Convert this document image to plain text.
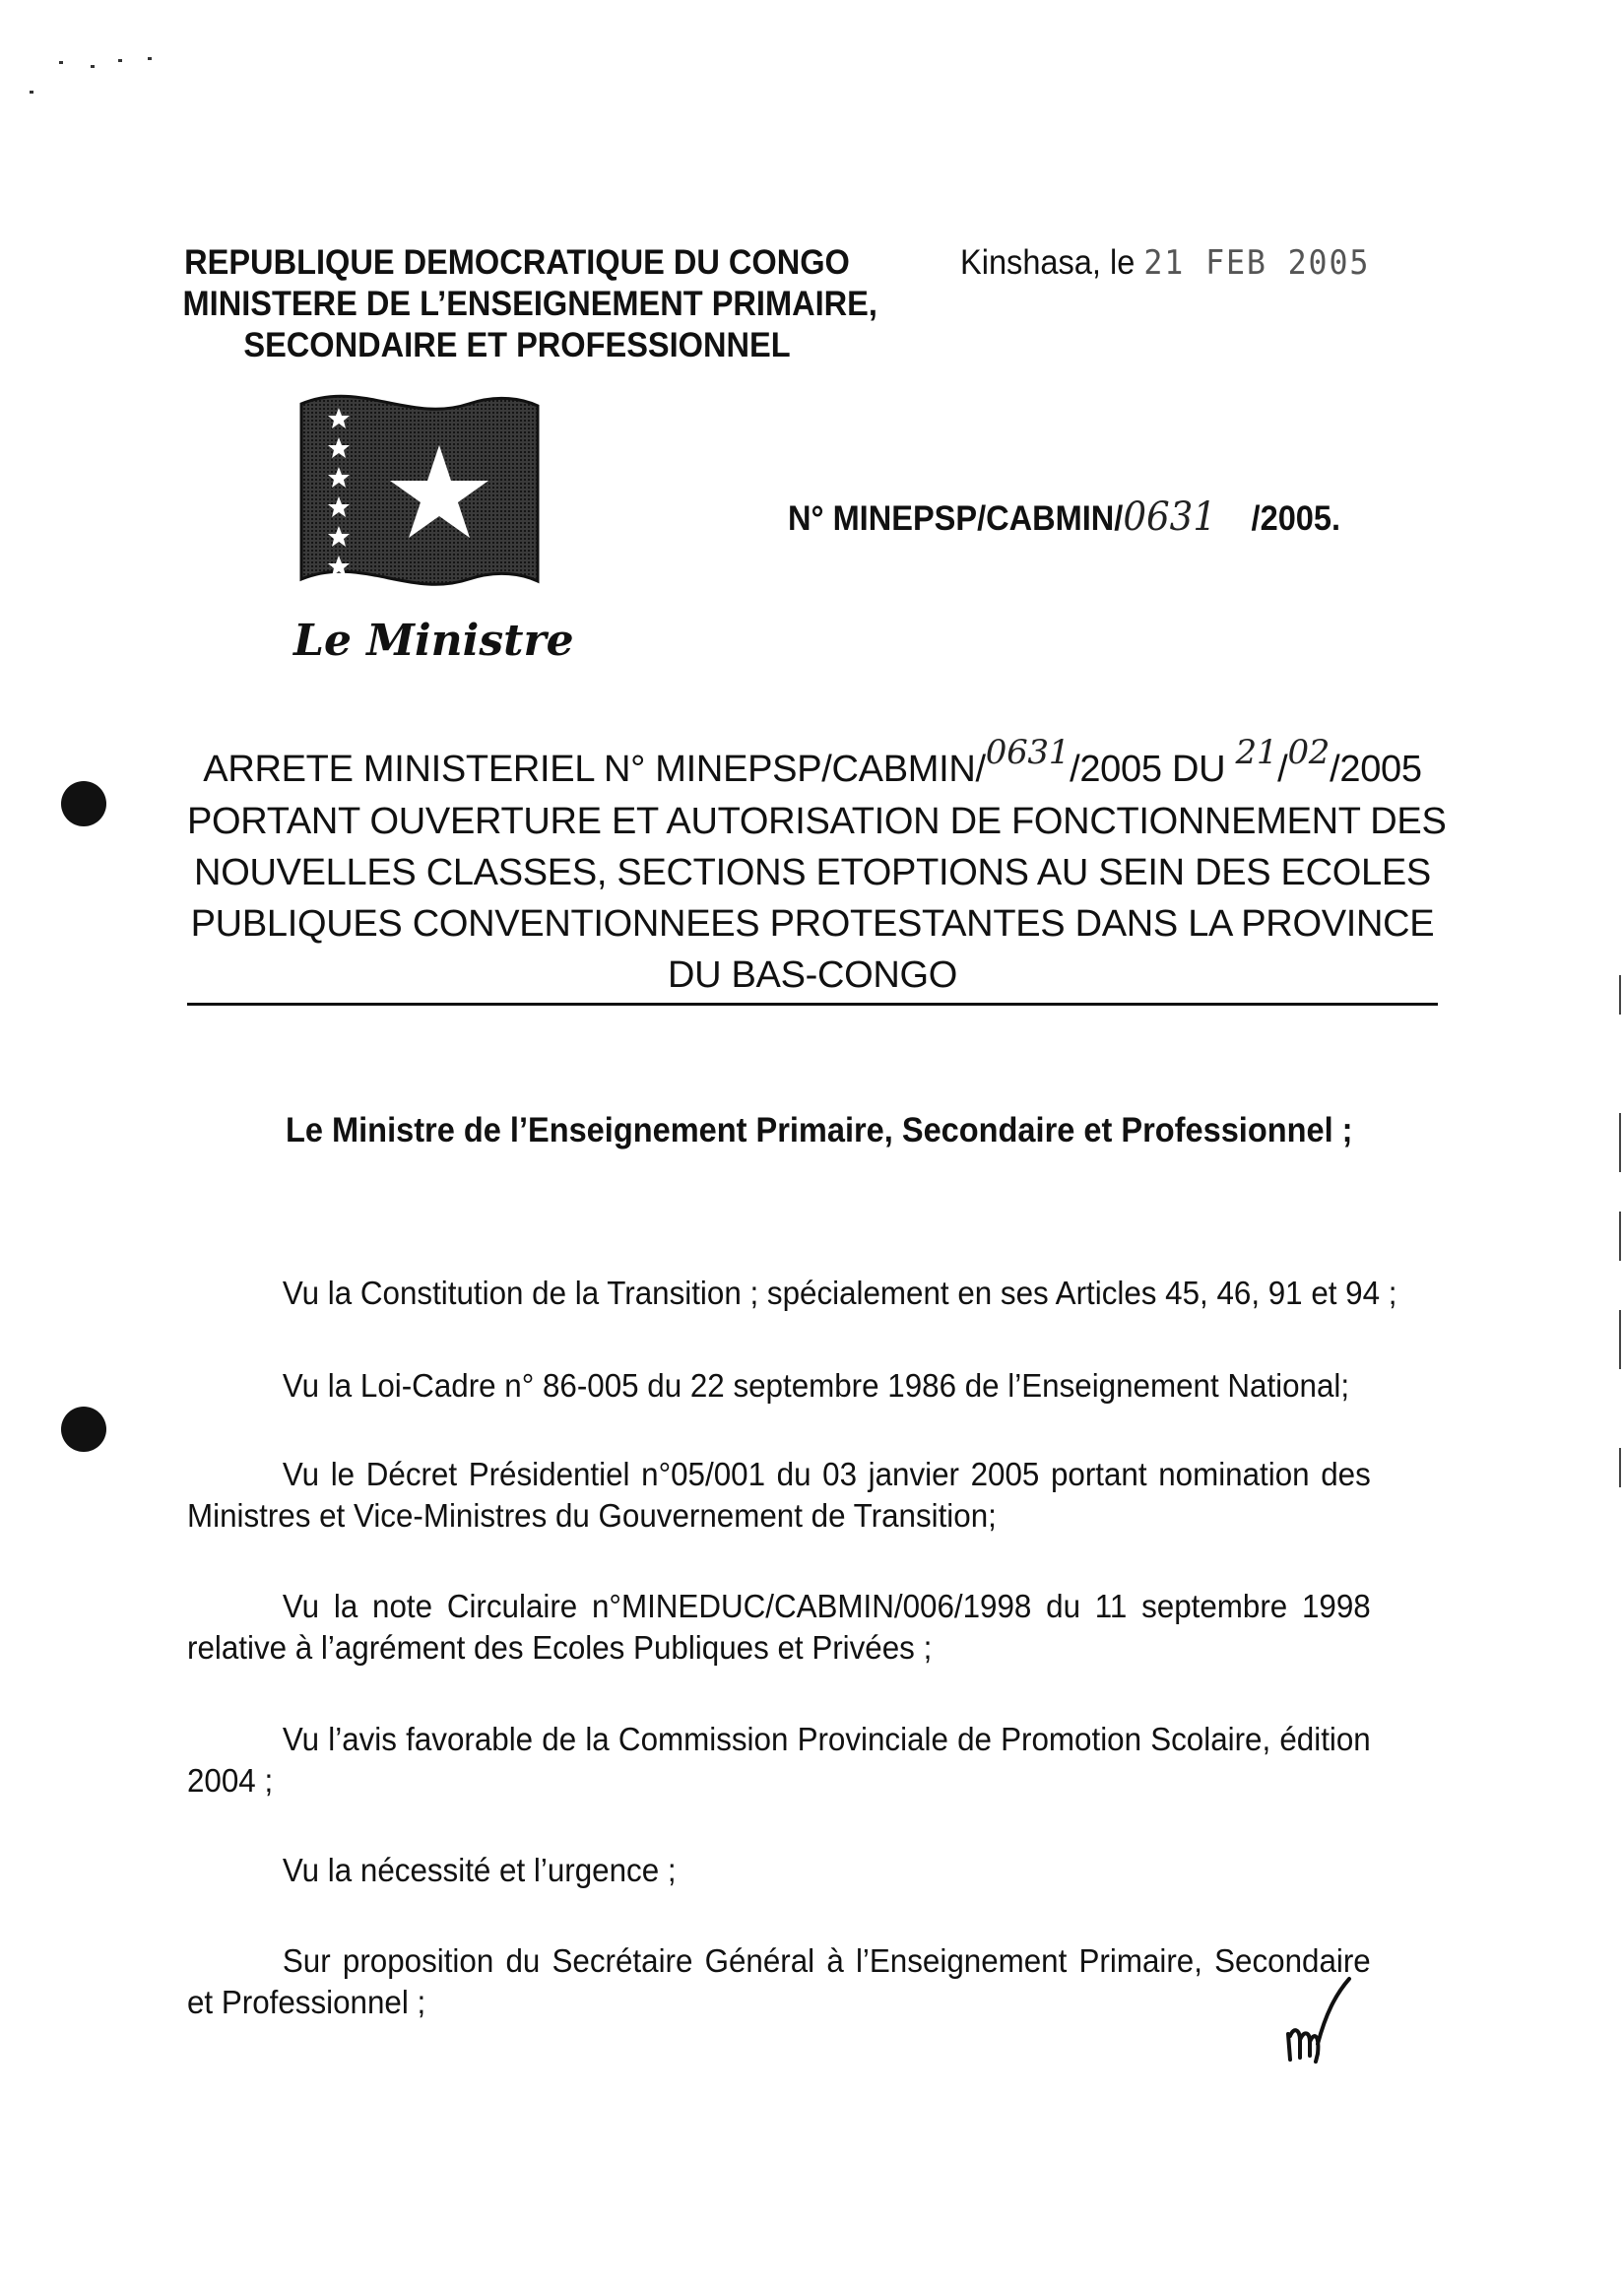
REPUBLIQUE DEMOCRATIQUE DU CONGO
MINISTERE DE L’ENSEIGNEMENT PRIMAIRE,
SECONDAIRE ET PROFESSIONNEL
Kinshasa, le 21 FEB 2005
N° MINEPSP/CABMIN/0631 /2005.
Le Ministre
ARRETE MINISTERIEL N° MINEPSP/CABMIN/0631/2005 DU 21/02/2005
PORTANT OUVERTURE ET AUTORISATION DE FONCTIONNEMENT DES
NOUVELLES CLASSES, SECTIONS ETOPTIONS AU SEIN DES ECOLES
PUBLIQUES CONVENTIONNEES PROTESTANTES DANS LA PROVINCE
DU BAS-CONGO
Le Ministre de l’Enseignement Primaire, Secondaire et Professionnel ;
Vu la Constitution de la Transition ; spécialement en ses Articles 45, 46, 91 et 94 ;
Vu la Loi-Cadre n° 86-005 du 22 septembre 1986 de l’Enseignement National;
Vu le Décret Présidentiel n°05/001 du 03 janvier 2005 portant nomination des Ministres et Vice-Ministres du Gouvernement de Transition;
Vu la note Circulaire n°MINEDUC/CABMIN/006/1998 du 11 septembre 1998 relative à l’agrément des Ecoles Publiques et Privées ;
Vu l’avis favorable de la Commission Provinciale de Promotion Scolaire, édition 2004 ;
Vu la nécessité et l’urgence ;
Sur proposition du Secrétaire Général à l’Enseignement Primaire, Secondaire et Professionnel ;
